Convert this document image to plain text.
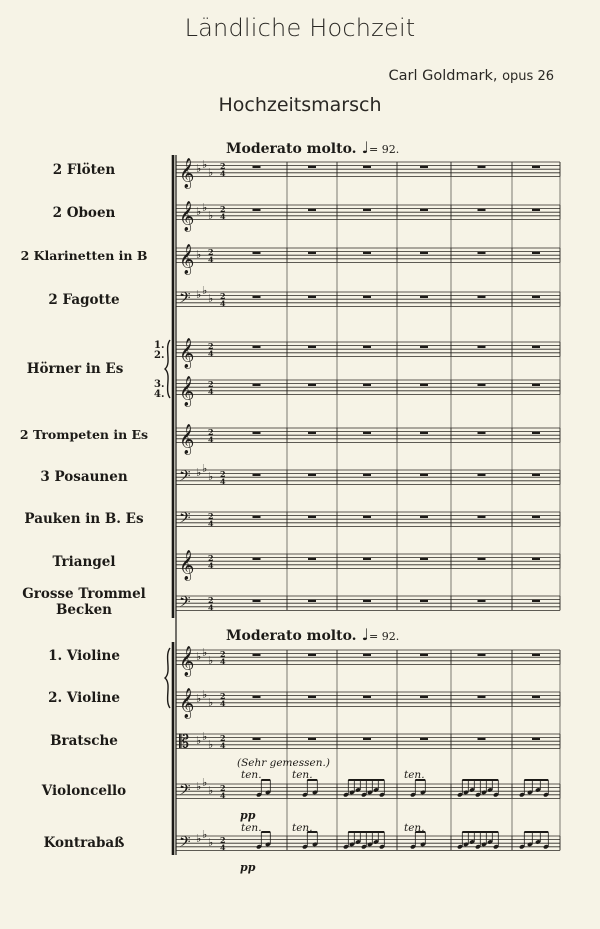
Ländliche Hochzeit
Carl Goldmark, opus 26
Hochzeitsmarsch
Moderato molto. ♩= 92.
Moderato molto. ♩= 92.
2 Flöten
2 Oboen
2 Klarinetten in B
2 Fagotte
Hörner in Es
1.
2.
3.
4.
2 Trompeten in Es
3 Posaunen
Pauken in B. Es
Triangel
Grosse Trommel
Becken
1. Violine
2. Violine
Bratsche
Violoncello
Kontrabaß
(Sehr gemessen.)
ten.	ten.	ten.
ten.	ten.	ten.
pp
pp
𝄞 ♭ ♭
♭ 2
4
𝄞 ♭ ♭
♭ 2
4
𝄞 ♭ 2
4
𝄢 ♭ ♭
♭ 2
4
𝄞 2
4
𝄞 2
4
𝄞 2
4
𝄢 ♭ ♭
♭ 2
4
𝄢 2
4
𝄞 2
4
𝄢 2
4
𝄞 ♭ ♭
♭ 2
4
𝄞 ♭ ♭
♭ 2
4
𝄡 ♭ ♭
♭ 2
4
𝄢 ♭ ♭
♭ 2
4
𝄢 ♭ ♭
♭ 2
4
